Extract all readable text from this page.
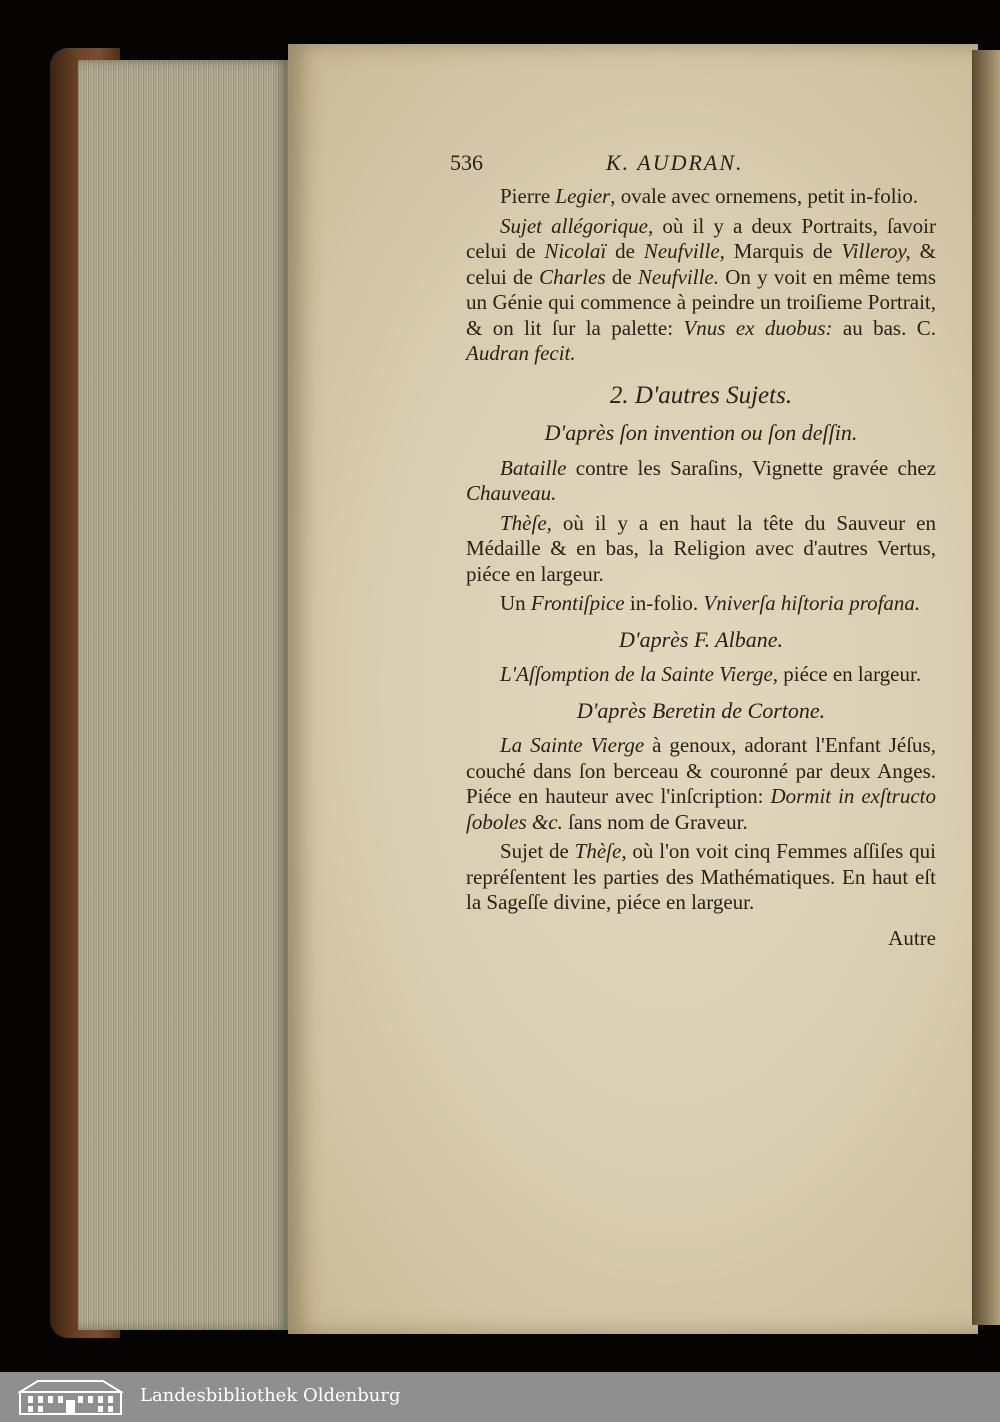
536	K. AUDRAN.

Pierre Legier, ovale avec ornemens, petit in-folio.

Sujet allégorique, où il y a deux Portraits, ſavoir celui de Nicolaï de Neufville, Marquis de Villeroy, & celui de Charles de Neufville. On y voit en même tems un Génie qui commence à peindre un troiſieme Portrait, & on lit ſur la palette: Vnus ex duobus: au bas. C. Audran fecit.

2. D'autres Sujets.
D'après ſon invention ou ſon deſſin.

Bataille contre les Saraſins, Vignette gravée chez Chauveau.

Thèſe, où il y a en haut la tête du Sauveur en Médaille & en bas, la Religion avec d'autres Vertus, piéce en largeur.

Un Frontiſpice in-folio. Vniverſa hiſtoria profana.

D'après F. Albane.

L'Aſſomption de la Sainte Vierge, piéce en largeur.

D'après Beretin de Cortone.

La Sainte Vierge à genoux, adorant l'Enfant Jéſus, couché dans ſon berceau & couronné par deux Anges. Piéce en hauteur avec l'inſcription: Dormit in exſtructo ſoboles &c. ſans nom de Graveur.

Sujet de Thèſe, où l'on voit cinq Femmes aſſiſes qui repréſentent les parties des Mathématiques. En haut eſt la Sageſſe divine, piéce en largeur.

Autre
Landesbibliothek Oldenburg
